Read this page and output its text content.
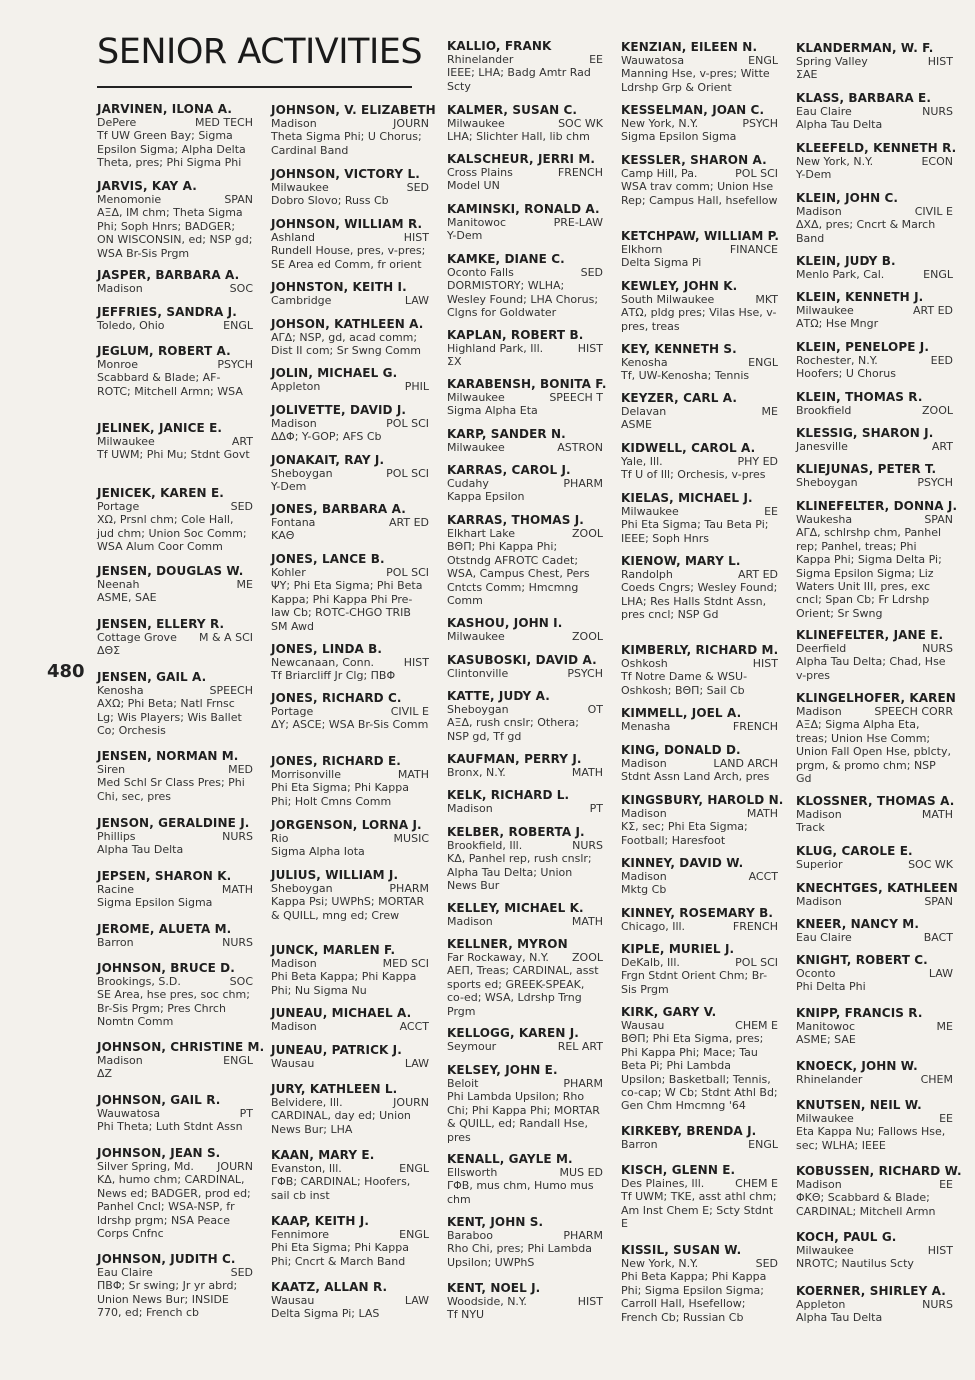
SENIOR ACTIVITIES
480
JARVINEN, ILONA A.
DePere	MED TECH
Tf UW Green Bay; Sigma Epsilon Sigma; Alpha Delta Theta, pres; Phi Sigma Phi
JARVIS, KAY A.
Menomonie	SPAN
ΑΞΔ, IM chm; Theta Sigma Phi; Soph Hnrs; BADGER; ON WISCONSIN, ed; NSP gd; WSA Br-Sis Prgm
JASPER, BARBARA A.
Madison	SOC
JEFFRIES, SANDRA J.
Toledo, Ohio	ENGL
JEGLUM, ROBERT A.
Monroe	PSYCH
Scabbard & Blade; AF-ROTC; Mitchell Armn; WSA
JELINEK, JANICE E.
Milwaukee	ART
Tf UWM; Phi Mu; Stdnt Govt
JENICEK, KAREN E.
Portage	SED
ΧΩ, Prsnl chm; Cole Hall, jud chm; Union Soc Comm; WSA Alum Coor Comm
JENSEN, DOUGLAS W.
Neenah	ME
ASME, SAE
JENSEN, ELLERY R.
Cottage Grove M & A SCI
ΔΘΣ
JENSEN, GAIL A.
Kenosha	SPEECH
ΑΧΩ; Phi Beta; Natl Frnsc Lg; Wis Players; Wis Ballet Co; Orchesis
JENSEN, NORMAN M.
Siren	MED
Med Schl Sr Class Pres; Phi Chi, sec, pres
JENSON, GERALDINE J.
Phillips	NURS
Alpha Tau Delta
JEPSEN, SHARON K.
Racine	MATH
Sigma Epsilon Sigma
JEROME, ALUETA M.
Barron	NURS
JOHNSON, BRUCE D.
Brookings, S.D.	SOC
SE Area, hse pres, soc chm; Br-Sis Prgm; Pres Chrch Nomtn Comm
JOHNSON, CHRISTINE M.
Madison	ENGL
ΔΖ
JOHNSON, GAIL R.
Wauwatosa	PT
Phi Theta; Luth Stdnt Assn
JOHNSON, JEAN S.
Silver Spring, Md. JOURN
ΚΔ, humo chm; CARDINAL, News ed; BADGER, prod ed; Panhel Cncl; WSA-NSP, fr ldrshp prgm; NSA Peace Corps Cnfnc
JOHNSON, JUDITH C.
Eau Claire	SED
ΠΒΦ; Sr swing; Jr yr abrd; Union News Bur; INSIDE 770, ed; French cb
JOHNSON, V. ELIZABETH
Madison	JOURN
Theta Sigma Phi; U Chorus; Cardinal Band
JOHNSON, VICTORY L.
Milwaukee	SED
Dobro Slovo; Russ Cb
JOHNSON, WILLIAM R.
Ashland	HIST
Rundell House, pres, v-pres; SE Area ed Comm, fr orient
JOHNSTON, KEITH I.
Cambridge	LAW
JOHSON, KATHLEEN A.
ΑΓΔ; NSP, gd, acad comm; Dist II com; Sr Swng Comm
JOLIN, MICHAEL G.
Appleton	PHIL
JOLIVETTE, DAVID J.
Madison	POL SCI
ΔΔΦ; Y-GOP; AFS Cb
JONAKAIT, RAY J.
Sheboygan	POL SCI
Y-Dem
JONES, BARBARA A.
Fontana	ART ED
ΚΑΘ
JONES, LANCE B.
Kohler	POL SCI
ΨΥ; Phi Eta Sigma; Phi Beta Kappa; Phi Kappa Phi Pre-law Cb; ROTC-CHGO TRIB SM Awd
JONES, LINDA B.
Newcanaan, Conn.	HIST
Tf Briarcliff Jr Clg; ΠΒΦ
JONES, RICHARD C.
Portage	CIVIL E
ΔΥ; ASCE; WSA Br-Sis Comm
JONES, RICHARD E.
Morrisonville	MATH
Phi Eta Sigma; Phi Kappa Phi; Holt Cmns Comm
JORGENSON, LORNA J.
Rio	MUSIC
Sigma Alpha Iota
JULIUS, WILLIAM J.
Sheboygan	PHARM
Kappa Psi; UWPhS; MORTAR & QUILL, mng ed; Crew
JUNCK, MARLEN F.
Madison	MED SCI
Phi Beta Kappa; Phi Kappa Phi; Nu Sigma Nu
JUNEAU, MICHAEL A.
Madison	ACCT
JUNEAU, PATRICK J.
Wausau	LAW
JURY, KATHLEEN L.
Belvidere, Ill.	JOURN
CARDINAL, day ed; Union News Bur; LHA
KAAN, MARY E.
Evanston, Ill.	ENGL
ΓΦΒ; CARDINAL; Hoofers, sail cb inst
KAAP, KEITH J.
Fennimore	ENGL
Phi Eta Sigma; Phi Kappa Phi; Cncrt & March Band
KAATZ, ALLAN R.
Wausau	LAW
Delta Sigma Pi; LAS
KALLIO, FRANK
Rhinelander	EE
IEEE; LHA; Badg Amtr Rad Scty
KALMER, SUSAN C.
Milwaukee	SOC WK
LHA; Slichter Hall, lib chm
KALSCHEUR, JERRI M.
Cross Plains	FRENCH
Model UN
KAMINSKI, RONALD A.
Manitowoc	PRE-LAW
Y-Dem
KAMKE, DIANE C.
Oconto Falls	SED
DORMISTORY; WLHA; Wesley Found; LHA Chorus; Clgns for Goldwater
KAPLAN, ROBERT B.
Highland Park, Ill.	HIST
ΣΧ
KARABENSH, BONITA F.
Milwaukee	SPEECH T
Sigma Alpha Eta
KARP, SANDER N.
Milwaukee	ASTRON
KARRAS, CAROL J.
Cudahy	PHARM
Kappa Epsilon
KARRAS, THOMAS J.
Elkhart Lake	ZOOL
ΒΘΠ; Phi Kappa Phi; Otstndg AFROTC Cadet; WSA, Campus Chest, Pers Cntcts Comm; Hmcmng Comm
KASHOU, JOHN I.
Milwaukee	ZOOL
KASUBOSKI, DAVID A.
Clintonville	PSYCH
KATTE, JUDY A.
Sheboygan	OT
ΑΞΔ, rush cnslr; Othera; NSP gd, Tf gd
KAUFMAN, PERRY J.
Bronx, N.Y.	MATH
KELK, RICHARD L.
Madison	PT
KELBER, ROBERTA J.
Brookfield, Ill.	NURS
ΚΔ, Panhel rep, rush cnslr; Alpha Tau Delta; Union News Bur
KELLEY, MICHAEL K.
Madison	MATH
KELLNER, MYRON
Far Rockaway, N.Y. ZOOL
ΑΕΠ, Treas; CARDINAL, asst sports ed; GREEK-SPEAK, co-ed; WSA, Ldrshp Trng Prgm
KELLOGG, KAREN J.
Seymour	REL ART
KELSEY, JOHN E.
Beloit	PHARM
Phi Lambda Upsilon; Rho Chi; Phi Kappa Phi; MORTAR & QUILL, ed; Randall Hse, pres
KENALL, GAYLE M.
Ellsworth	MUS ED
ΓΦΒ, mus chm, Humo mus chm
KENT, JOHN S.
Baraboo	PHARM
Rho Chi, pres; Phi Lambda Upsilon; UWPhS
KENT, NOEL J.
Woodside, N.Y.	HIST
Tf NYU
KENZIAN, EILEEN N.
Wauwatosa	ENGL
Manning Hse, v-pres; Witte Ldrshp Grp & Orient
KESSELMAN, JOAN C.
New York, N.Y.	PSYCH
Sigma Epsilon Sigma
KESSLER, SHARON A.
Camp Hill, Pa.	POL SCI
WSA trav comm; Union Hse Rep; Campus Hall, hsefellow
KETCHPAW, WILLIAM P.
Elkhorn	FINANCE
Delta Sigma Pi
KEWLEY, JOHN K.
South Milwaukee	MKT
ΑΤΩ, pldg pres; Vilas Hse, v-pres, treas
KEY, KENNETH S.
Kenosha	ENGL
Tf, UW-Kenosha; Tennis
KEYZER, CARL A.
Delavan	ME
ASME
KIDWELL, CAROL A.
Yale, Ill.	PHY ED
Tf U of Ill; Orchesis, v-pres
KIELAS, MICHAEL J.
Milwaukee	EE
Phi Eta Sigma; Tau Beta Pi; IEEE; Soph Hnrs
KIENOW, MARY L.
Randolph	ART ED
Coeds Cngrs; Wesley Found; LHA; Res Halls Stdnt Assn, pres cncl; NSP Gd
KIMBERLY, RICHARD M.
Oshkosh	HIST
Tf Notre Dame & WSU-Oshkosh; ΒΘΠ; Sail Cb
KIMMELL, JOEL A.
Menasha	FRENCH
KING, DONALD D.
Madison	LAND ARCH
Stdnt Assn Land Arch, pres
KINGSBURY, HAROLD N.
Madison	MATH
ΚΣ, sec; Phi Eta Sigma; Football; Haresfoot
KINNEY, DAVID W.
Madison	ACCT
Mktg Cb
KINNEY, ROSEMARY B.
Chicago, Ill.	FRENCH
KIPLE, MURIEL J.
DeKalb, Ill.	POL SCI
Frgn Stdnt Orient Chm; Br-Sis Prgm
KIRK, GARY V.
Wausau	CHEM E
ΒΘΠ; Phi Eta Sigma, pres; Phi Kappa Phi; Mace; Tau Beta Pi; Phi Lambda Upsilon; Basketball; Tennis, co-cap; W Cb; Stdnt Athl Bd; Gen Chm Hmcmng '64
KIRKEBY, BRENDA J.
Barron	ENGL
KISCH, GLENN E.
Des Plaines, Ill.	CHEM E
Tf UWM; ΤΚΕ, asst athl chm; Am Inst Chem E; Scty Stdnt E
KISSIL, SUSAN W.
New York, N.Y.	SED
Phi Beta Kappa; Phi Kappa Phi; Sigma Epsilon Sigma; Carroll Hall, Hsefellow; French Cb; Russian Cb
KLANDERMAN, W. F.
Spring Valley	HIST
ΣΑΕ
KLASS, BARBARA E.
Eau Claire	NURS
Alpha Tau Delta
KLEEFELD, KENNETH R.
New York, N.Y.	ECON
Y-Dem
KLEIN, JOHN C.
Madison	CIVIL E
ΔΧΔ, pres; Cncrt & March Band
KLEIN, JUDY B.
Menlo Park, Cal.	ENGL
KLEIN, KENNETH J.
Milwaukee	ART ED
ΑΤΩ; Hse Mngr
KLEIN, PENELOPE J.
Rochester, N.Y.	EED
Hoofers; U Chorus
KLEIN, THOMAS R.
Brookfield	ZOOL
KLESSIG, SHARON J.
Janesville	ART
KLIEJUNAS, PETER T.
Sheboygan	PSYCH
KLINEFELTER, DONNA J.
Waukesha	SPAN
ΑΓΔ, schlrshp chm, Panhel rep; Panhel, treas; Phi Kappa Phi; Sigma Delta Pi; Sigma Epsilon Sigma; Liz Waters Unit III, pres, exc cncl; Span Cb; Fr Ldrshp Orient; Sr Swng
KLINEFELTER, JANE E.
Deerfield	NURS
Alpha Tau Delta; Chad, Hse v-pres
KLINGELHOFER, KAREN
Madison	SPEECH CORR
ΑΞΔ; Sigma Alpha Eta, treas; Union Hse Comm; Union Fall Open Hse, pblcty, prgm, & promo chm; NSP Gd
KLOSSNER, THOMAS A.
Madison	MATH
Track
KLUG, CAROLE E.
Superior	SOC WK
KNECHTGES, KATHLEEN
Madison	SPAN
KNEER, NANCY M.
Eau Claire	BACT
KNIGHT, ROBERT C.
Oconto	LAW
Phi Delta Phi
KNIPP, FRANCIS R.
Manitowoc	ME
ASME; SAE
KNOECK, JOHN W.
Rhinelander	CHEM
KNUTSEN, NEIL W.
Milwaukee	EE
Eta Kappa Nu; Fallows Hse, sec; WLHA; IEEE
KOBUSSEN, RICHARD W.
Madison	EE
ΦΚΘ; Scabbard & Blade; CARDINAL; Mitchell Armn
KOCH, PAUL G.
Milwaukee	HIST
NROTC; Nautilus Scty
KOERNER, SHIRLEY A.
Appleton	NURS
Alpha Tau Delta
